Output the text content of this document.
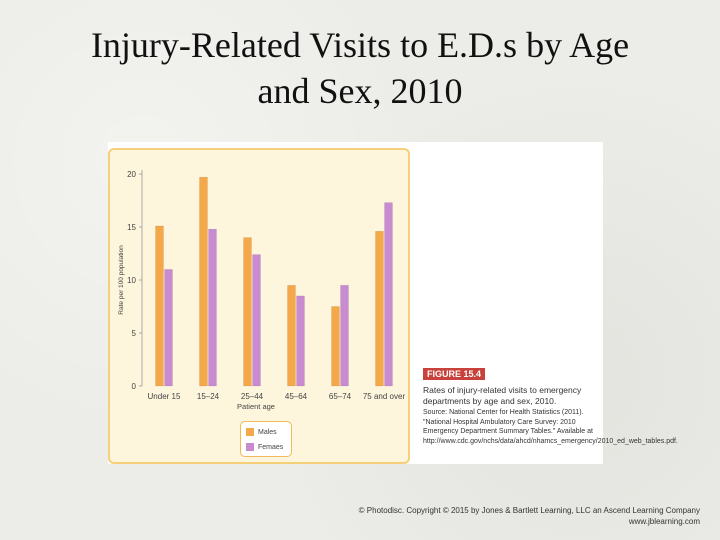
Injury-Related Visits to E.D.s by Age
and Sex, 2010
0
5
10
15
20
Rate per 100 population
Under 15 15–24	25–44	45–64	65–74 75 and over
Patient age
Males
Femaes
FIGURE 15.4
Rates of injury-related visits to emergency departments by age and sex, 2010.
Source: National Center for Health Statistics (2011). "National Hospital Ambulatory Care Survey: 2010 Emergency Department Summary Tables." Available at http://www.cdc.gov/nchs/data/ahcd/nhamcs_emergency/2010_ed_web_tables.pdf.
© Photodisc. Copyright © 2015 by Jones & Bartlett Learning, LLC an Ascend Learning Company
www.jblearning.com
